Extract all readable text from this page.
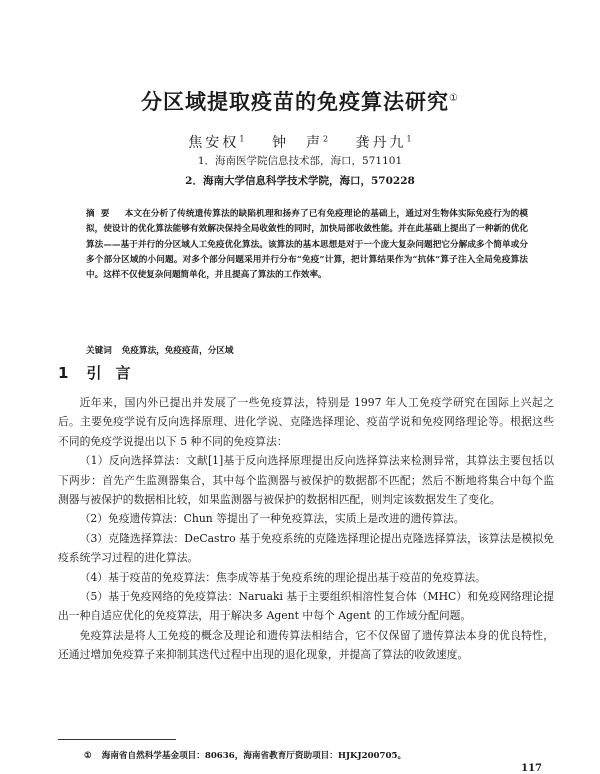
分区域提取疫苗的免疫算法研究①
焦安权$^1$ 钟　声$^2$ 龚丹九$^1$
1．海南医学院信息技术部，海口，571101
2．海南大学信息科学技术学院，海口，570228
摘要 本文在分析了传统遗传算法的缺陷机理和扬弃了已有免疫理论的基础上，通过对生物体实际免疫行为的模拟，使设计的优化算法能够有效解决保持全局收敛性的同时，加快局部收敛性能。并在此基础上提出了一种新的优化算法——基于并行的分区域人工免疫优化算法。该算法的基本思想是对于一个庞大复杂问题把它分解成多个简单或分多个部分区域的小问题。对多个部分问题采用并行分布“免疫”计算，把计算结果作为“抗体”算子注入全局免疫算法中。这样不仅使复杂问题简单化，并且提高了算法的工作效率。
关键词 免疫算法，免疫疫苗，分区域
1 引言

近年来，国内外已提出并发展了一些免疫算法，特别是 1997 年人工免疫学研究在国际上兴起之后。主要免疫学说有反向选择原理、进化学说、克隆选择理论、疫苗学说和免疫网络理论等。根据这些不同的免疫学说提出以下 5 种不同的免疫算法：

（1）反向选择算法：文献[1]基于反向选择原理提出反向选择算法来检测异常，其算法主要包括以下两步：首先产生监测器集合，其中每个监测器与被保护的数据都不匹配；然后不断地将集合中每个监测器与被保护的数据相比较，如果监测器与被保护的数据相匹配，则判定该数据发生了变化。

（2）免疫遗传算法：Chun 等提出了一种免疫算法，实质上是改进的遗传算法。

（3）克隆选择算法：DeCastro 基于免疫系统的克隆选择理论提出克隆选择算法，该算法是模拟免疫系统学习过程的进化算法。

（4）基于疫苗的免疫算法：焦李成等基于免疫系统的理论提出基于疫苗的免疫算法。

（5）基于免疫网络的免疫算法：Naruaki 基于主要组织相溶性复合体（MHC）和免疫网络理论提出一种自适应优化的免疫算法，用于解决多 Agent 中每个 Agent 的工作域分配问题。

免疫算法是将人工免疫的概念及理论和遗传算法相结合，它不仅保留了遗传算法本身的优良特性，还通过增加免疫算子来抑制其迭代过程中出现的退化现象，并提高了算法的收敛速度。

① 海南省自然科学基金项目：80636，海南省教育厅资助项目：HJKJ200705。
117
